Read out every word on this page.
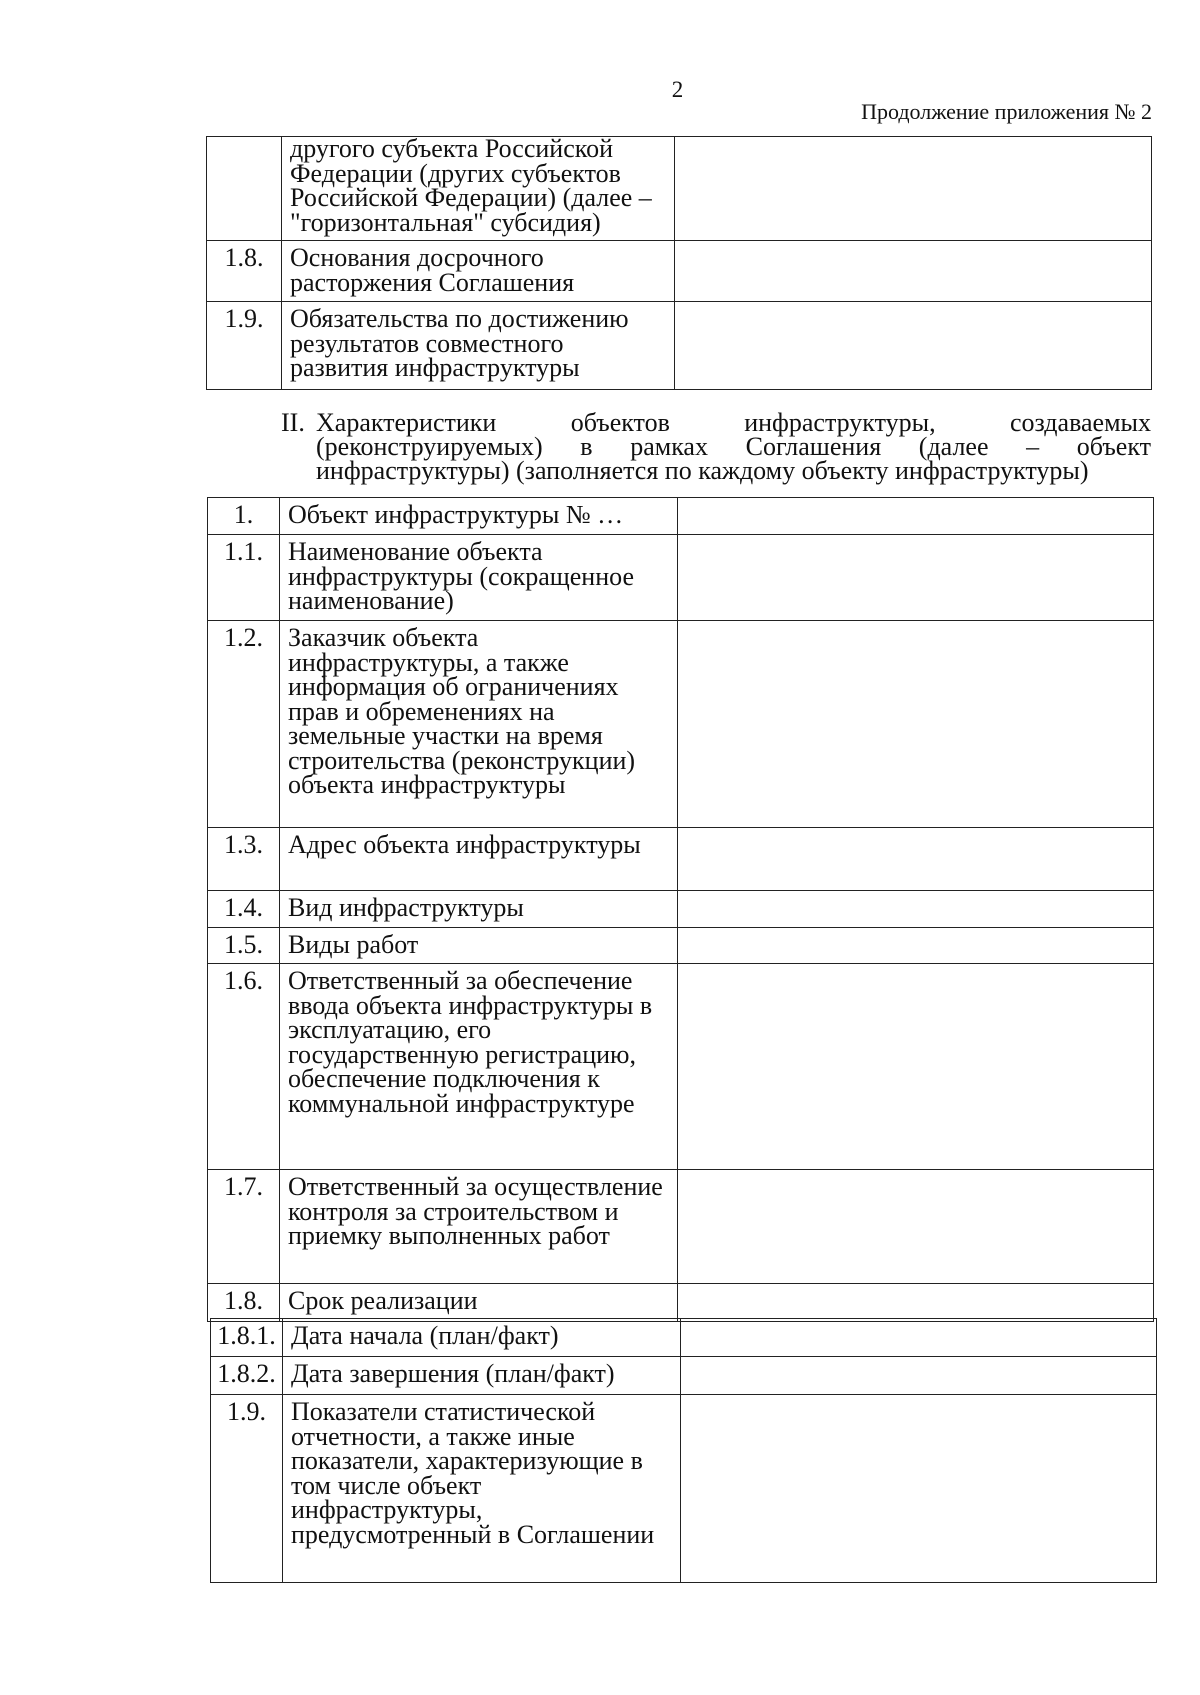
2
Продолжение приложения № 2
	другого субъекта Российской Федерации (других субъектов Российской Федерации) (далее – "горизонтальная" субсидия)	
1.8.	Основания досрочного расторжения Соглашения	
1.9.	Обязательства по достижению результатов совместного развития инфраструктуры	
II. Характеристики объектов инфраструктуры, создаваемых
(реконструируемых) в рамках Соглашения (далее – объект
инфраструктуры) (заполняется по каждому объекту инфраструктуры)
1.	Объект инфраструктуры № …	
1.1.	Наименование объекта инфраструктуры (сокращенное наименование)	
1.2.	Заказчик объекта инфраструктуры, а также информация об ограничениях прав и обременениях на земельные участки на время строительства (реконструкции) объекта инфраструктуры	
1.3.	Адрес объекта инфраструктуры	
1.4.	Вид инфраструктуры	
1.5.	Виды работ	
1.6.	Ответственный за обеспечение ввода объекта инфраструктуры в эксплуатацию, его государственную регистрацию, обеспечение подключения к коммунальной инфраструктуре	
1.7.	Ответственный за осуществление контроля за строительством и приемку выполненных работ	
1.8.	Срок реализации	
1.8.1.	Дата начала (план/факт)	
1.8.2.	Дата завершения (план/факт)	
1.9.	Показатели статистической отчетности, а также иные показатели, характеризующие в том числе объект инфраструктуры, предусмотренный в Соглашении	
